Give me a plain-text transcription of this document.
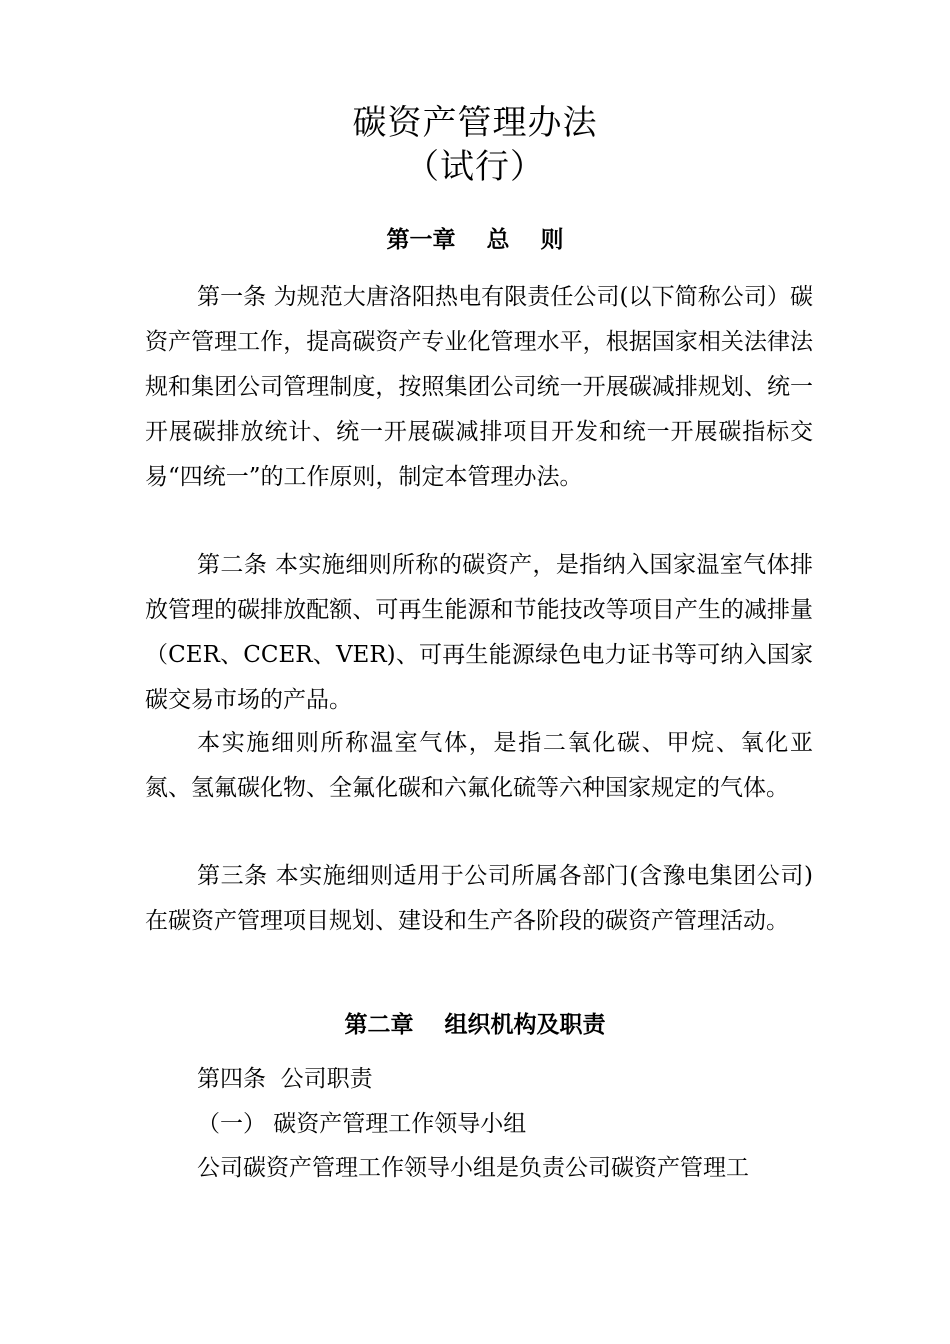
碳资产管理办法
（试行）
第一章　 总　 则
第一条 为规范大唐洛阳热电有限责任公司(以下简称公司）碳资产管理工作，提高碳资产专业化管理水平，根据国家相关法律法规和集团公司管理制度，按照集团公司统一开展碳减排规划、统一开展碳排放统计、统一开展碳减排项目开发和统一开展碳指标交易“四统一”的工作原则，制定本管理办法。
第二条 本实施细则所称的碳资产，是指纳入国家温室气体排放管理的碳排放配额、可再生能源和节能技改等项目产生的减排量（CER、CCER、VER)、可再生能源绿色电力证书等可纳入国家碳交易市场的产品。
本实施细则所称温室气体，是指二氧化碳、甲烷、氧化亚氮、氢氟碳化物、全氟化碳和六氟化硫等六种国家规定的气体。
第三条 本实施细则适用于公司所属各部门(含豫电集团公司)在碳资产管理项目规划、建设和生产各阶段的碳资产管理活动。
第二章　 组织机构及职责
第四条  公司职责
（一） 碳资产管理工作领导小组
公司碳资产管理工作领导小组是负责公司碳资产管理工
